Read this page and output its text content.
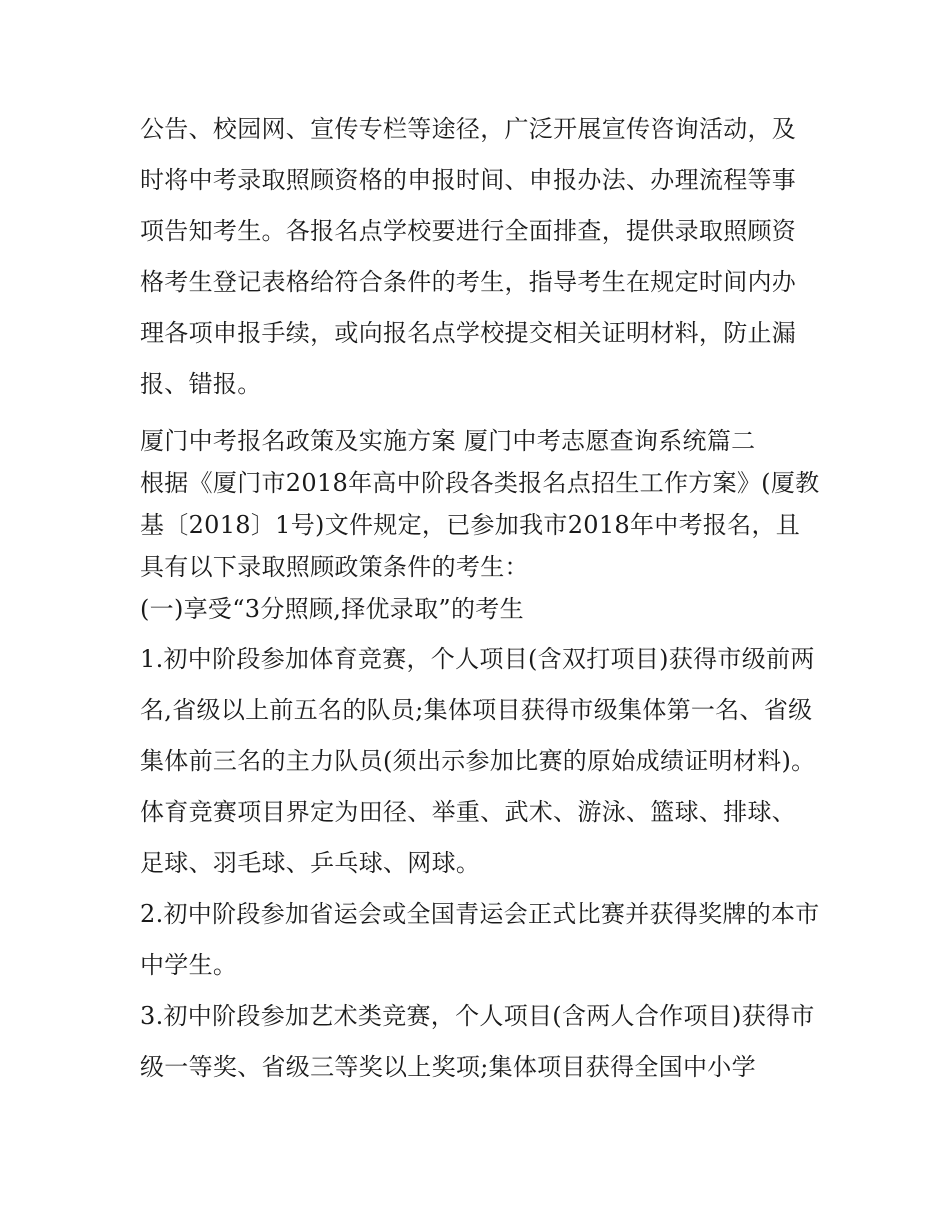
公告、校园网、宣传专栏等途径，广泛开展宣传咨询活动，及时将中考录取照顾资格的申报时间、申报办法、办理流程等事项告知考生。各报名点学校要进行全面排查，提供录取照顾资格考生登记表格给符合条件的考生，指导考生在规定时间内办理各项申报手续，或向报名点学校提交相关证明材料，防止漏报、错报。

厦门中考报名政策及实施方案 厦门中考志愿查询系统篇二

根据《厦门市2018年高中阶段各类报名点招生工作方案》(厦教基〔2018〕1号)文件规定，已参加我市2018年中考报名，且具有以下录取照顾政策条件的考生：

(一)享受“3分照顾,择优录取”的考生

1.初中阶段参加体育竞赛，个人项目(含双打项目)获得市级前两名,省级以上前五名的队员;集体项目获得市级集体第一名、省级集体前三名的主力队员(须出示参加比赛的原始成绩证明材料)。体育竞赛项目界定为田径、举重、武术、游泳、篮球、排球、足球、羽毛球、乒乓球、网球。

2.初中阶段参加省运会或全国青运会正式比赛并获得奖牌的本市中学生。

3.初中阶段参加艺术类竞赛，个人项目(含两人合作项目)获得市级一等奖、省级三等奖以上奖项;集体项目获得全国中小学
